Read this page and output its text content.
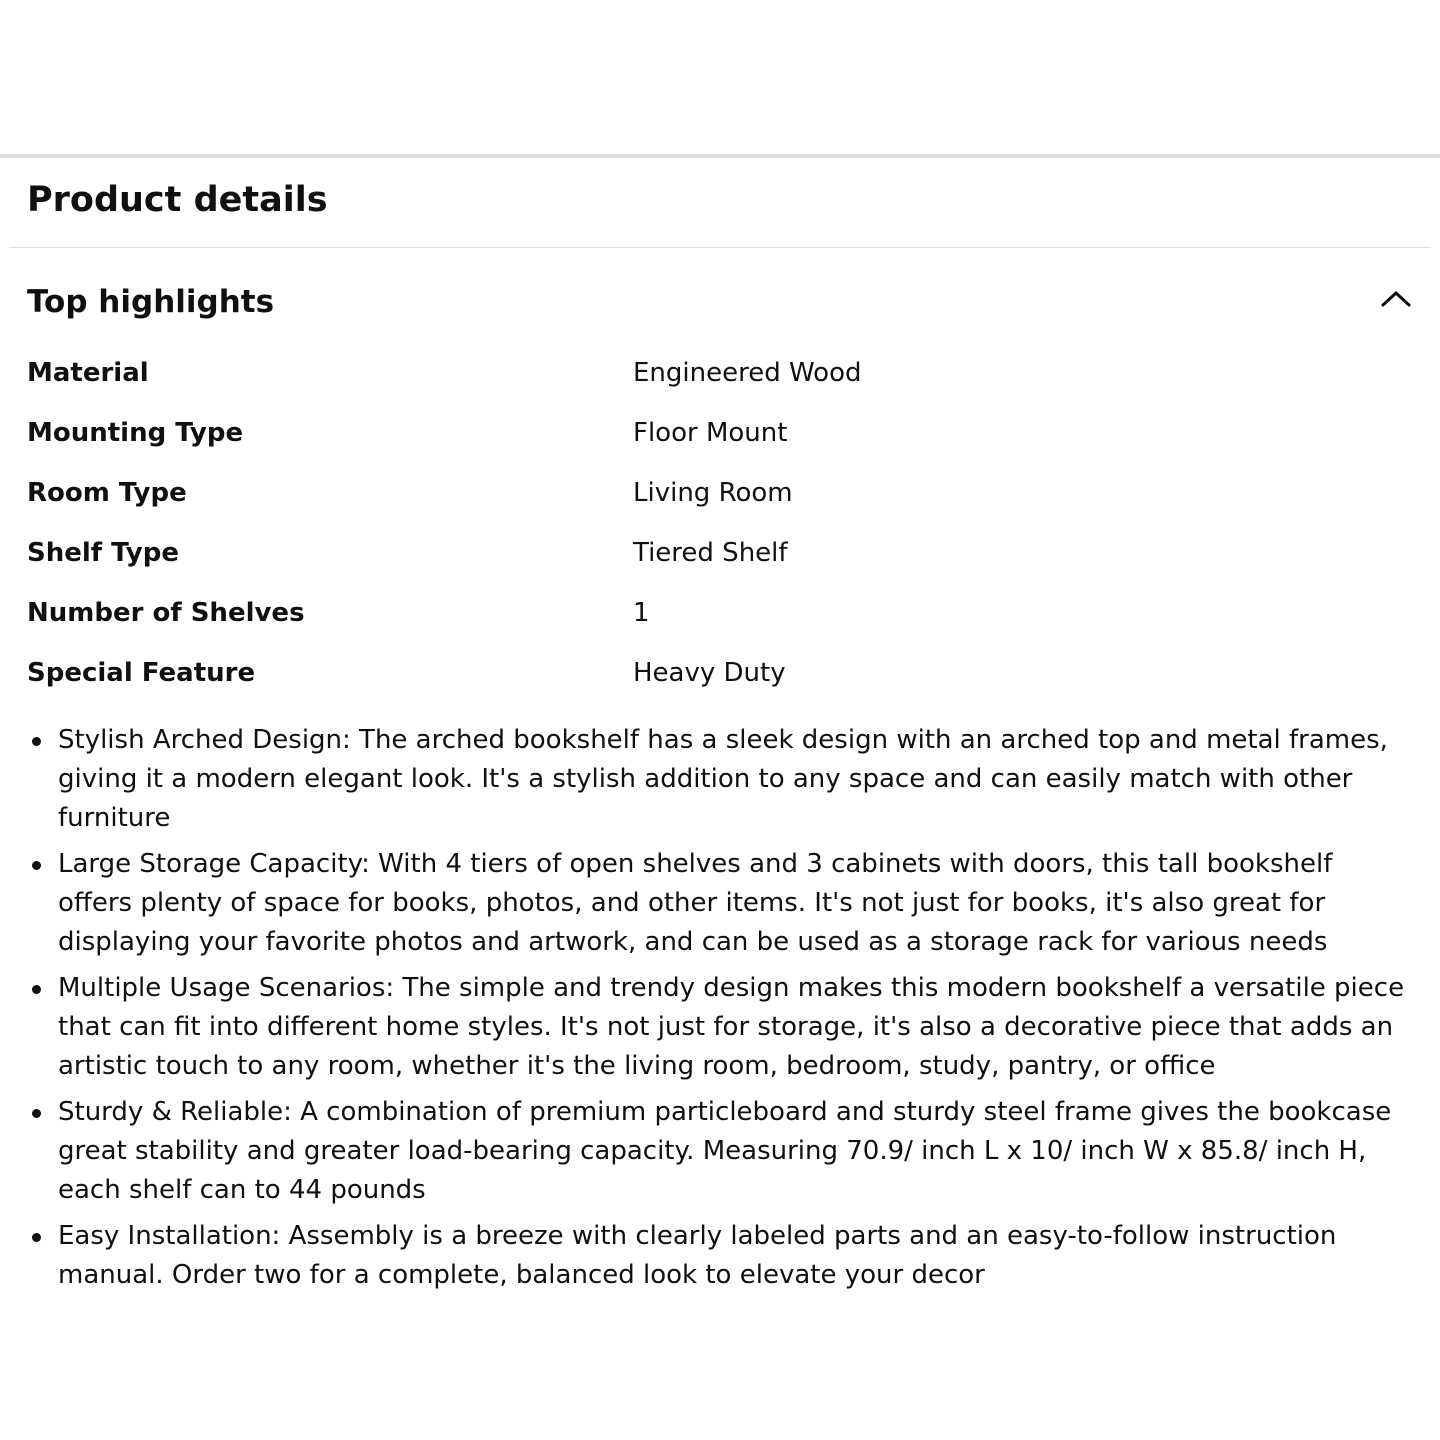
Product details
Top highlights
Material	Engineered Wood
Mounting Type	Floor Mount
Room Type	Living Room
Shelf Type	Tiered Shelf
Number of Shelves	1
Special Feature	Heavy Duty
Stylish Arched Design: The arched bookshelf has a sleek design with an arched top and metal frames, giving it a modern elegant look. It's a stylish addition to any space and can easily match with other furniture
Large Storage Capacity: With 4 tiers of open shelves and 3 cabinets with doors, this tall bookshelf offers plenty of space for books, photos, and other items. It's not just for books, it's also great for displaying your favorite photos and artwork, and can be used as a storage rack for various needs
Multiple Usage Scenarios: The simple and trendy design makes this modern bookshelf a versatile piece that can fit into different home styles. It's not just for storage, it's also a decorative piece that adds an artistic touch to any room, whether it's the living room, bedroom, study, pantry, or office
Sturdy & Reliable: A combination of premium particleboard and sturdy steel frame gives the bookcase great stability and greater load-bearing capacity. Measuring 70.9/ inch L x 10/ inch W x 85.8/ inch H, each shelf can to 44 pounds
Easy Installation: Assembly is a breeze with clearly labeled parts and an easy-to-follow instruction manual. Order two for a complete, balanced look to elevate your decor
